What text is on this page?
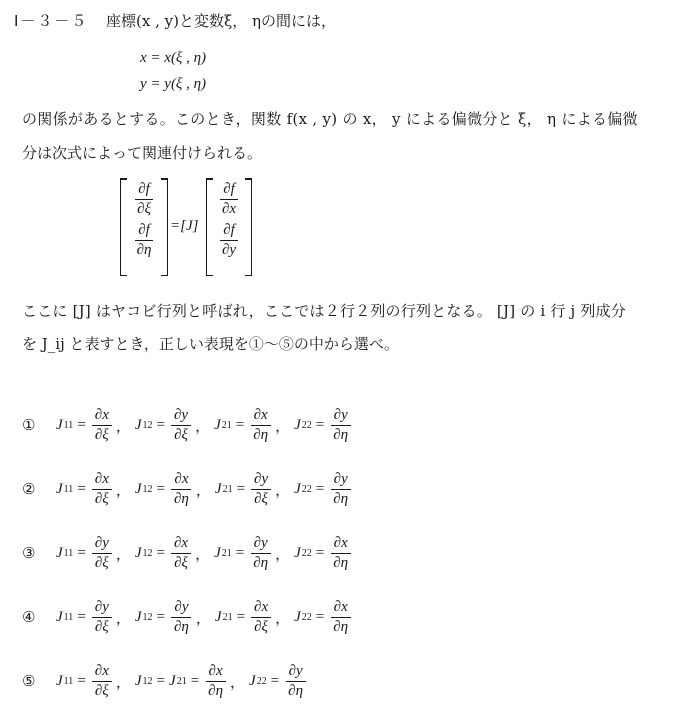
Ⅰ－３－５ 座標(x , y)と変数ξ， ηの間には，
x = x(ξ , η)
y = y(ξ , η)
の関係があるとする。このとき，関数 f(x , y) の x， y による偏微分と ξ， η による偏微
分は次式によって関連付けられる。
$\frac{\partial f}{\partial\xi}$
$\frac{\partial f}{\partial\eta} =[J]$
$\frac{\partial f}{\partial x}$
$\frac{\partial f}{\partial y}$
ここに [J] はヤコビ行列と呼ばれ，ここでは２行２列の行列となる。 [J] の i 行 j 列成分
を J_ij と表すとき，正しい表現を①～⑤の中から選べ。
①	J $11 = \frac{\partial x}{\partial\xi}$ ， J $12 = \frac{\partial y}{\partial\xi}$ ， J $21 = \frac{\partial x}{\partial\eta}$ ， J $22 = \frac{\partial y}{\partial\eta}$
②	J $11 = \frac{\partial x}{\partial\xi}$ ， J $12 = \frac{\partial x}{\partial\eta}$ ， J $21 = \frac{\partial y}{\partial\xi}$ ， J $22 = \frac{\partial y}{\partial\eta}$
③	J $11 = \frac{\partial y}{\partial\xi}$ ， J $12 = \frac{\partial x}{\partial\xi}$ ， J $21 = \frac{\partial y}{\partial\eta}$ ， J $22 = \frac{\partial x}{\partial\eta}$
④	J $11 = \frac{\partial y}{\partial\xi}$ ， J $12 = \frac{\partial y}{\partial\eta}$ ， J $21 = \frac{\partial x}{\partial\xi}$ ， J $22 = \frac{\partial x}{\partial\eta}$
⑤	J $11 = \frac{\partial x}{\partial\xi}$ ， J 12 = J $21 = \frac{\partial x}{\partial\eta}$ ， J $22 = \frac{\partial y}{\partial\eta}$
